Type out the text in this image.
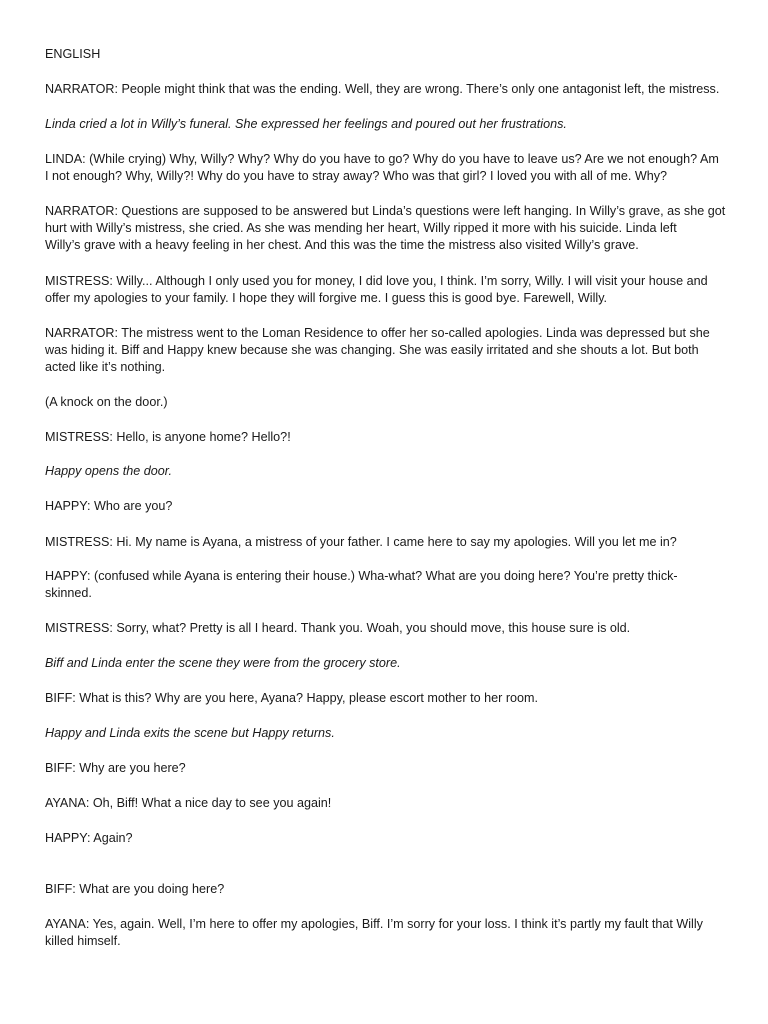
ENGLISH
NARRATOR: People might think that was the ending. Well, they are wrong. There’s only one antagonist left, the mistress.
Linda cried a lot in Willy’s funeral. She expressed her feelings and poured out her frustrations.
LINDA: (While crying) Why, Willy? Why? Why do you have to go? Why do you have to leave us? Are we not enough? Am
I not enough? Why, Willy?! Why do you have to stray away? Who was that girl? I loved you with all of me. Why?
NARRATOR: Questions are supposed to be answered but Linda’s questions were left hanging. In Willy’s grave, as she got
hurt with Willy’s mistress, she cried. As she was mending her heart, Willy ripped it more with his suicide. Linda left
Willy’s grave with a heavy feeling in her chest. And this was the time the mistress also visited Willy’s grave.
MISTRESS: Willy... Although I only used you for money, I did love you, I think. I’m sorry, Willy. I will visit your house and
offer my apologies to your family. I hope they will forgive me. I guess this is good bye. Farewell, Willy.
NARRATOR: The mistress went to the Loman Residence to offer her so-called apologies. Linda was depressed but she
was hiding it. Biff and Happy knew because she was changing. She was easily irritated and she shouts a lot. But both
acted like it’s nothing.
(A knock on the door.)
MISTRESS: Hello, is anyone home? Hello?!
Happy opens the door.
HAPPY: Who are you?
MISTRESS: Hi. My name is Ayana, a mistress of your father. I came here to say my apologies. Will you let me in?
HAPPY: (confused while Ayana is entering their house.) Wha-what? What are you doing here? You’re pretty thick-
skinned.
MISTRESS: Sorry, what? Pretty is all I heard. Thank you. Woah, you should move, this house sure is old.
Biff and Linda enter the scene they were from the grocery store.
BIFF: What is this? Why are you here, Ayana? Happy, please escort mother to her room.
Happy and Linda exits the scene but Happy returns.
BIFF: Why are you here?
AYANA: Oh, Biff! What a nice day to see you again!
HAPPY: Again?
BIFF: What are you doing here?
AYANA: Yes, again. Well, I’m here to offer my apologies, Biff. I’m sorry for your loss. I think it’s partly my fault that Willy
killed himself.
